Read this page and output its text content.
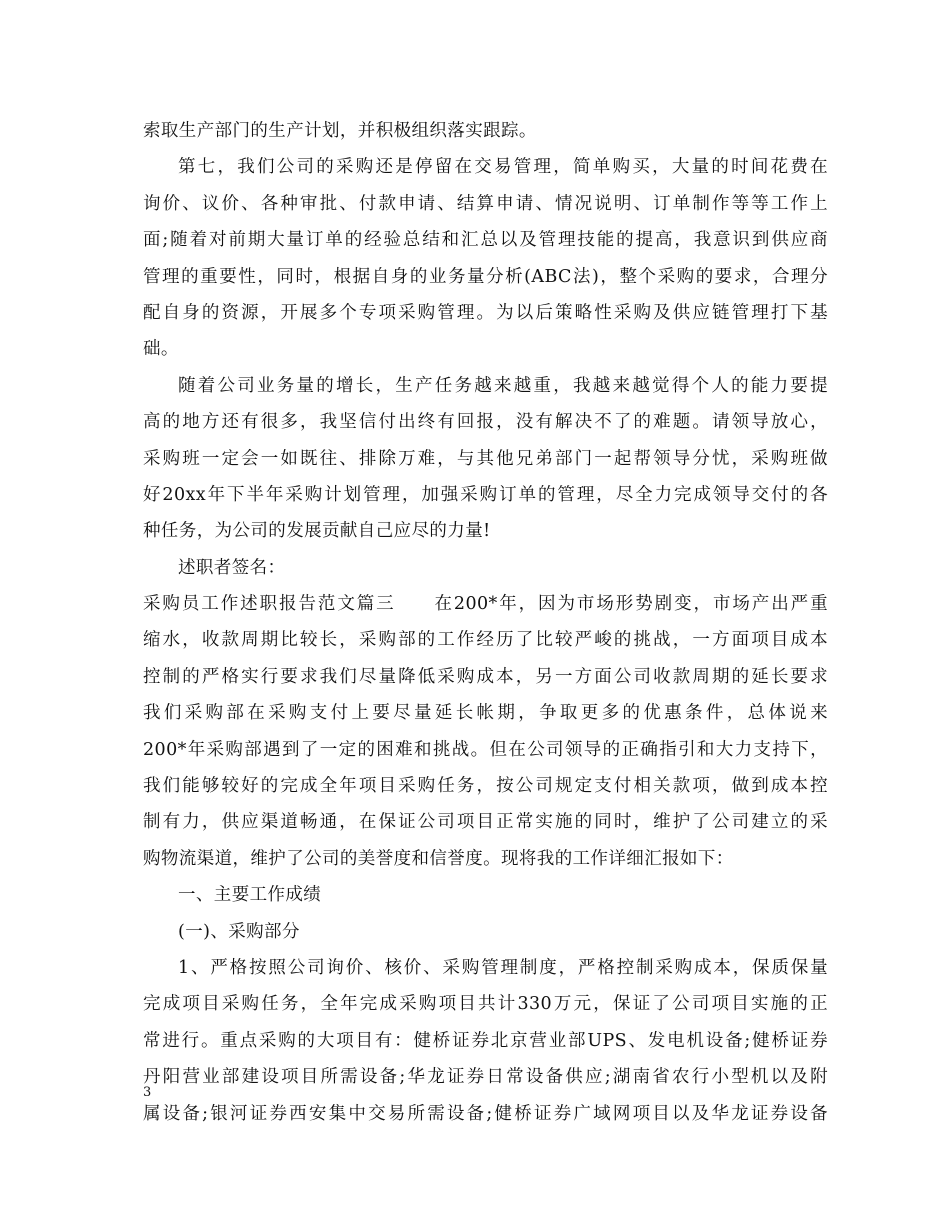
索取生产部门的生产计划，并积极组织落实跟踪。
第七，我们公司的采购还是停留在交易管理，简单购买，大量的时间花费在
询价、议价、各种审批、付款申请、结算申请、情况说明、订单制作等等工作上
面;随着对前期大量订单的经验总结和汇总以及管理技能的提高，我意识到供应商
管理的重要性，同时，根据自身的业务量分析(ABC法)，整个采购的要求，合理分
配自身的资源，开展多个专项采购管理。为以后策略性采购及供应链管理打下基
础。
随着公司业务量的增长，生产任务越来越重，我越来越觉得个人的能力要提
高的地方还有很多，我坚信付出终有回报，没有解决不了的难题。请领导放心，
采购班一定会一如既往、排除万难，与其他兄弟部门一起帮领导分忧，采购班做
好20xx年下半年采购计划管理，加强采购订单的管理，尽全力完成领导交付的各
种任务，为公司的发展贡献自己应尽的力量!
述职者签名：
采购员工作述职报告范文篇三　　在200*年，因为市场形势剧变，市场产出严重
缩水，收款周期比较长，采购部的工作经历了比较严峻的挑战，一方面项目成本
控制的严格实行要求我们尽量降低采购成本，另一方面公司收款周期的延长要求
我们采购部在采购支付上要尽量延长帐期，争取更多的优惠条件，总体说来
200*年采购部遇到了一定的困难和挑战。但在公司领导的正确指引和大力支持下，
我们能够较好的完成全年项目采购任务，按公司规定支付相关款项，做到成本控
制有力，供应渠道畅通，在保证公司项目正常实施的同时，维护了公司建立的采
购物流渠道，维护了公司的美誉度和信誉度。现将我的工作详细汇报如下：
一、主要工作成绩
(一)、采购部分
1、严格按照公司询价、核价、采购管理制度，严格控制采购成本，保质保量
完成项目采购任务，全年完成采购项目共计330万元，保证了公司项目实施的正
常进行。重点采购的大项目有：健桥证券北京营业部UPS、发电机设备;健桥证券
丹阳营业部建设项目所需设备;华龙证券日常设备供应;湖南省农行小型机以及附
属设备;银河证券西安集中交易所需设备;健桥证券广域网项目以及华龙证券设备
3
